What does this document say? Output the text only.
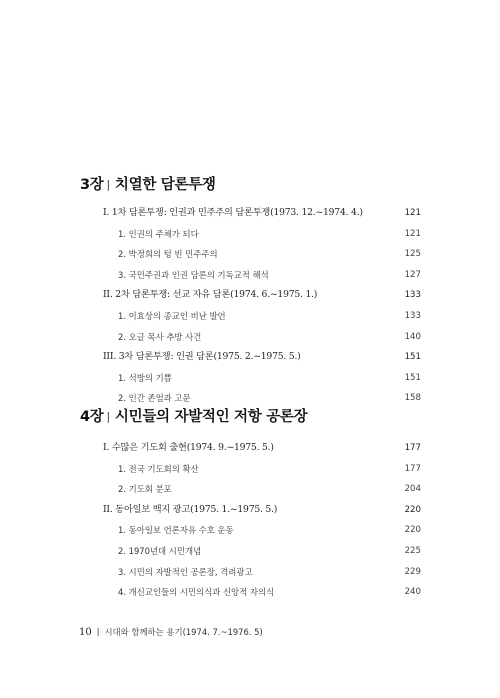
3장 | 치열한 담론투쟁
I. 1차 담론투쟁: 인권과 민주주의 담론투쟁(1973. 12.~1974. 4.)	121
1. 인권의 주체가 되다	121
2. 박정희의 텅 빈 민주주의	125
3. 국민주권과 인권 담론의 기독교적 해석	127
II. 2차 담론투쟁: 선교 자유 담론(1974. 6.~1975. 1.)	133
1. 이효상의 종교인 비난 발언	133
2. 오글 목사 추방 사건	140
III. 3차 담론투쟁: 인권 담론(1975. 2.~1975. 5.)	151
1. 석방의 기쁨	151
2. 인간 존엄과 고문	158
4장 | 시민들의 자발적인 저항 공론장
I. 수많은 기도회 출현(1974. 9.~1975. 5.)	177
1. 전국 기도회의 확산	177
2. 기도회 분포	204
II. 동아일보 백지 광고(1975. 1.~1975. 5.)	220
1. 동아일보 언론자유 수호 운동	220
2. 1970년대 시민개념	225
3. 시민의 자발적인 공론장, 격려광고	229
4. 개신교인들의 시민의식과 신앙적 자의식	240
10 | 시대와 함께하는 용기(1974. 7.~1976. 5)
